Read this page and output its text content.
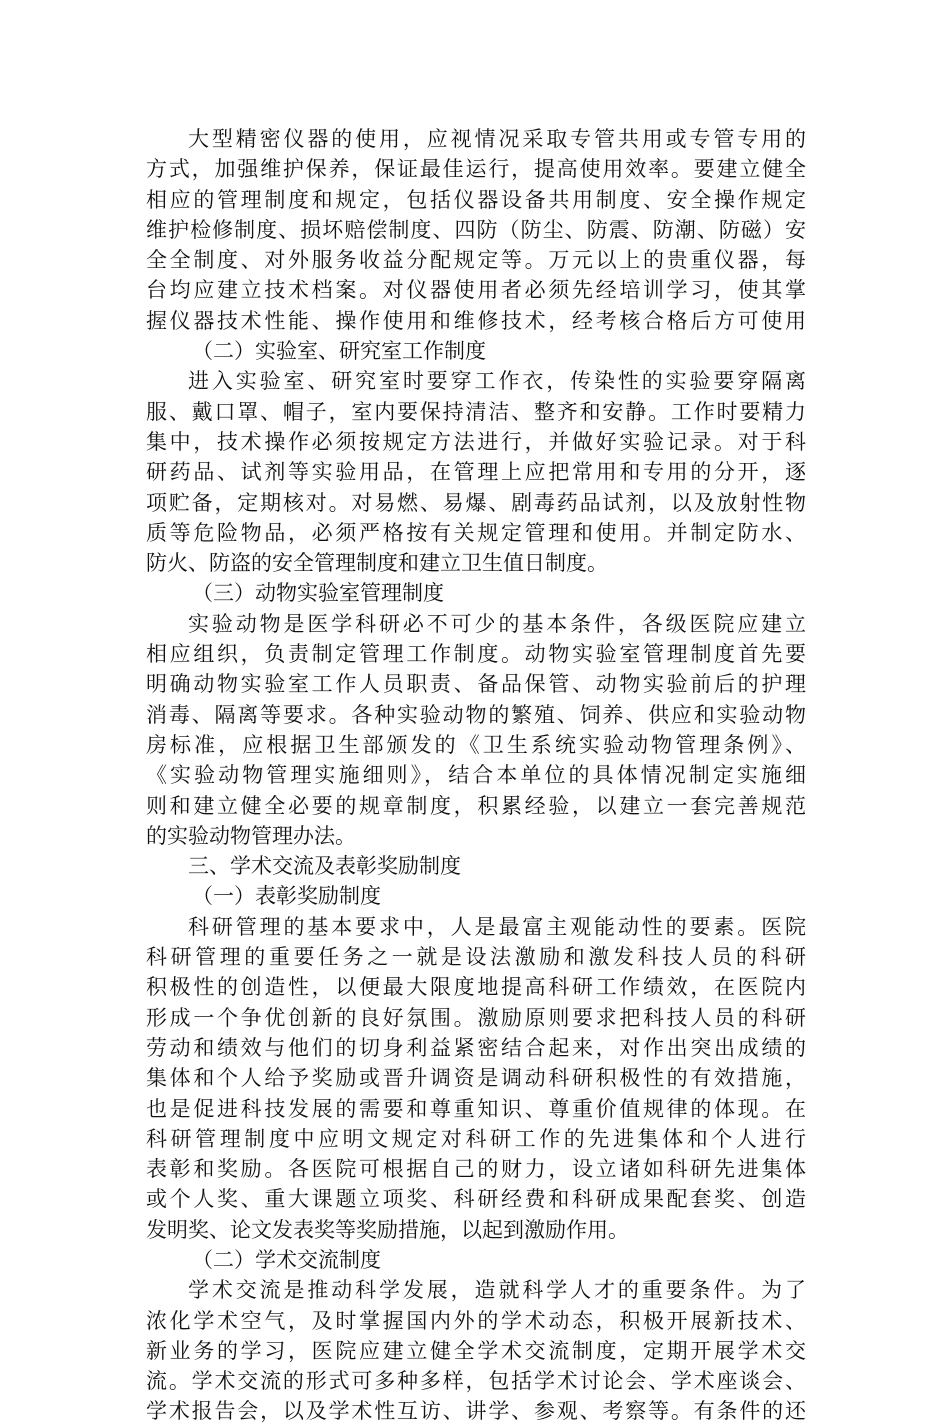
大型精密仪器的使用，应视情况采取专管共用或专管专用的
方式，加强维护保养，保证最佳运行，提高使用效率。要建立健全
相应的管理制度和规定，包括仪器设备共用制度、安全操作规定
维护检修制度、损坏赔偿制度、四防（防尘、防震、防潮、防磁）安
全全制度、对外服务收益分配规定等。万元以上的贵重仪器，每
台均应建立技术档案。对仪器使用者必须先经培训学习，使其掌
握仪器技术性能、操作使用和维修技术，经考核合格后方可使用
（二）实验室、研究室工作制度
进入实验室、研究室时要穿工作衣，传染性的实验要穿隔离
服、戴口罩、帽子，室内要保持清洁、整齐和安静。工作时要精力
集中，技术操作必须按规定方法进行，并做好实验记录。对于科
研药品、试剂等实验用品，在管理上应把常用和专用的分开，逐
项贮备，定期核对。对易燃、易爆、剧毒药品试剂，以及放射性物
质等危险物品，必须严格按有关规定管理和使用。并制定防水、
防火、防盗的安全管理制度和建立卫生值日制度。
（三）动物实验室管理制度
实验动物是医学科研必不可少的基本条件，各级医院应建立
相应组织，负责制定管理工作制度。动物实验室管理制度首先要
明确动物实验室工作人员职责、备品保管、动物实验前后的护理
消毒、隔离等要求。各种实验动物的繁殖、饲养、供应和实验动物
房标准，应根据卫生部颁发的《卫生系统实验动物管理条例》、
《实验动物管理实施细则》，结合本单位的具体情况制定实施细
则和建立健全必要的规章制度，积累经验，以建立一套完善规范
的实验动物管理办法。
三、学术交流及表彰奖励制度
（一）表彰奖励制度
科研管理的基本要求中，人是最富主观能动性的要素。医院
科研管理的重要任务之一就是设法激励和激发科技人员的科研
积极性的创造性，以便最大限度地提高科研工作绩效，在医院内
形成一个争优创新的良好氛围。激励原则要求把科技人员的科研
劳动和绩效与他们的切身利益紧密结合起来，对作出突出成绩的
集体和个人给予奖励或晋升调资是调动科研积极性的有效措施，
也是促进科技发展的需要和尊重知识、尊重价值规律的体现。在
科研管理制度中应明文规定对科研工作的先进集体和个人进行
表彰和奖励。各医院可根据自己的财力，设立诸如科研先进集体
或个人奖、重大课题立项奖、科研经费和科研成果配套奖、创造
发明奖、论文发表奖等奖励措施，以起到激励作用。
（二）学术交流制度
学术交流是推动科学发展，造就科学人才的重要条件。为了
浓化学术空气，及时掌握国内外的学术动态，积极开展新技术、
新业务的学习，医院应建立健全学术交流制度，定期开展学术交
流。学术交流的形式可多种多样，包括学术讨论会、学术座谈会、
学术报告会，以及学术性互访、讲学、参观、考察等。有条件的还
